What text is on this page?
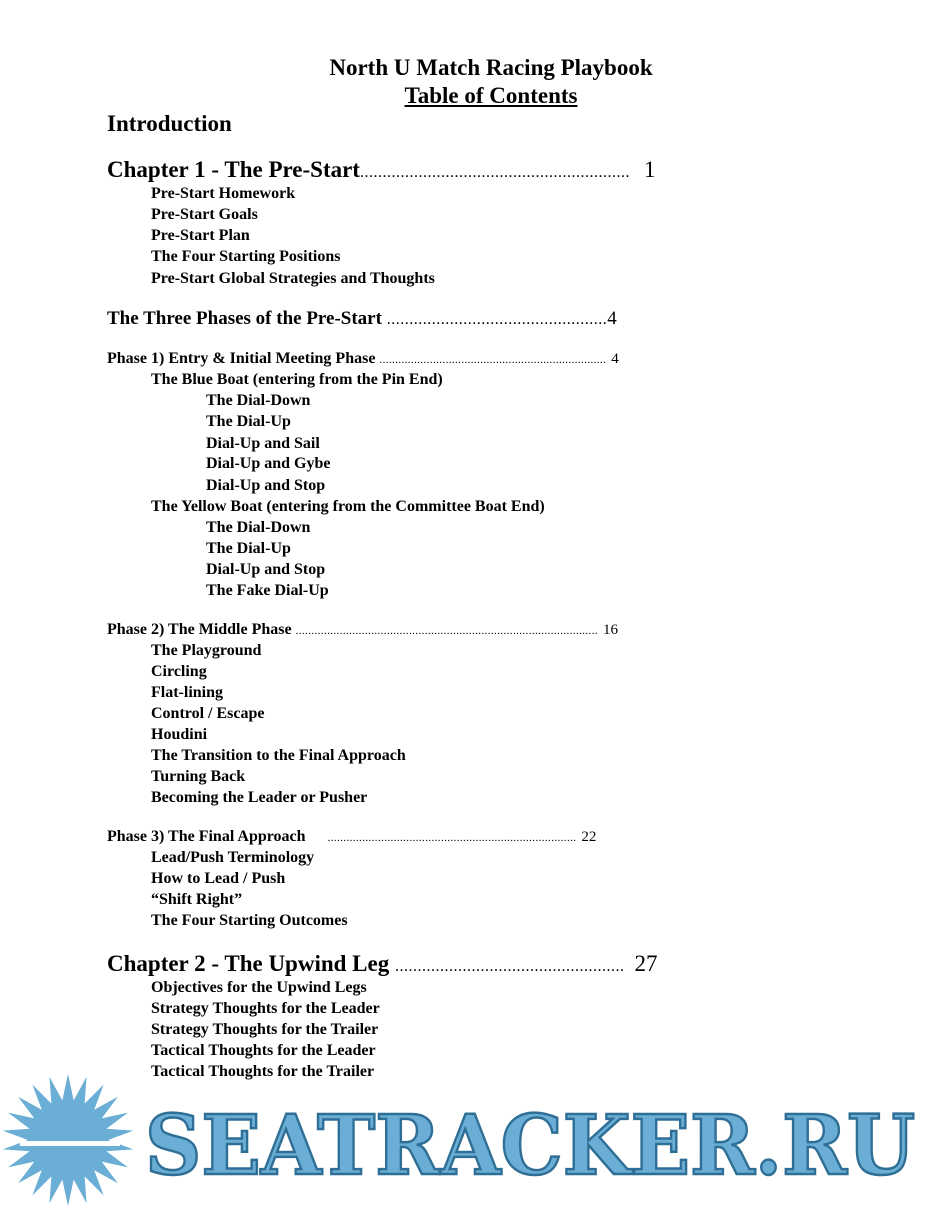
North U Match Racing Playbook
Table of Contents
Introduction
Chapter 1 - The Pre-Start............................................................ 1
Pre-Start Homework
Pre-Start Goals
Pre-Start Plan
The Four Starting Positions
Pre-Start Global Strategies and Thoughts
The Three Phases of the Pre-Start .................................................4
Phase 1) Entry & Initial Meeting Phase ........................................................................ 4
The Blue Boat (entering from the Pin End)
The Dial-Down
The Dial-Up
Dial-Up and Sail
Dial-Up and Gybe
Dial-Up and Stop
The Yellow Boat (entering from the Committee Boat End)
The Dial-Down
The Dial-Up
Dial-Up and Stop
The Fake Dial-Up
Phase 2) The Middle Phase ................................................................................................ 16
The Playground
Circling
Flat-lining
Control / Escape
Houdini
The Transition to the Final Approach
Turning Back
Becoming the Leader or Pusher
Phase 3) The Final Approach ............................................................................... 22
Lead/Push Terminology
How to Lead / Push
“Shift Right”
The Four Starting Outcomes
Chapter 2 - The Upwind Leg ................................................... 27
Objectives for the Upwind Legs
Strategy Thoughts for the Leader
Strategy Thoughts for the Trailer
Tactical Thoughts for the Leader
Tactical Thoughts for the Trailer
SEATRACKER.RU
